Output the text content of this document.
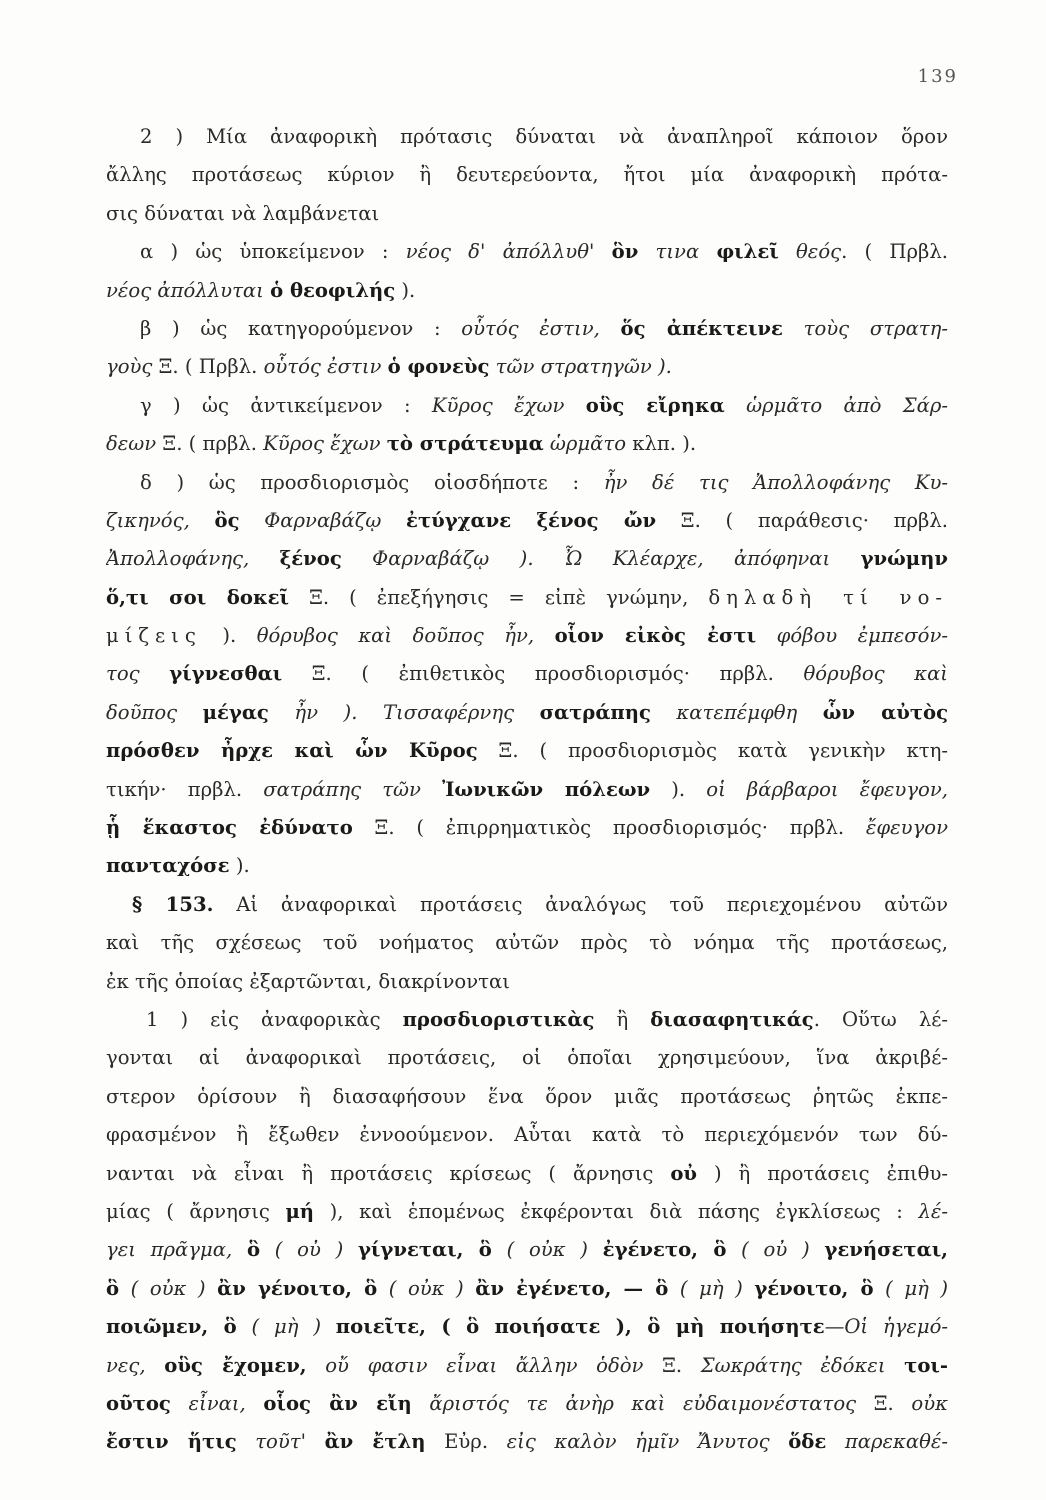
139
2 ) Μία ἀναφορικὴ πρότασις δύναται νὰ ἀναπληροῖ κάποιον ὅρον
ἄλλης προτάσεως κύριον ἢ δευτερεύοντα, ἤτοι μία ἀναφορικὴ πρότα-
σις δύναται νὰ λαμβάνεται
α ) ὡς ὑποκείμενον : νέος δ' ἀπόλλυθ' ὃν τινα φιλεῖ θεός. ( Πρβλ.
νέος ἀπόλλυται ὁ θεοφιλής ).
β ) ὡς κατηγορούμενον : οὗτός ἐστιν, ὅς ἀπέκτεινε τοὺς στρατη-
γοὺς Ξ. ( Πρβλ. οὗτός ἐστιν ὁ φονεὺς τῶν στρατηγῶν ).
γ ) ὡς ἀντικείμενον : Κῦρος ἔχων οὓς εἴρηκα ὡρμᾶτο ἀπὸ Σάρ-
δεων Ξ. ( πρβλ. Κῦρος ἔχων τὸ στράτευμα ὡρμᾶτο κλπ. ).
δ ) ὡς προσδιορισμὸς οἱοσδήποτε : ἦν δέ τις Ἀπολλοφάνης Κυ-
ζικηνός, ὃς Φαρναβάζῳ ἐτύγχανε ξένος ὤν Ξ. ( παράθεσις· πρβλ.
Ἀπολλοφάνης, ξένος Φαρναβάζῳ ). Ὦ Κλέαρχε, ἀπόφηναι γνώμην
ὅ,τι σοι δοκεῖ Ξ. ( ἐπεξήγησις = εἰπὲ γνώμην, δηλαδὴ τί νο-
μίζεις ). θόρυβος καὶ δοῦπος ἦν, οἷον εἰκὸς ἐστι φόβου ἐμπεσόν-
τος γίγνεσθαι Ξ. ( ἐπιθετικὸς προσδιορισμός· πρβλ. θόρυβος καὶ
δοῦπος μέγας ἦν ). Τισσαφέρνης σατράπης κατεπέμφθη ὧν αὐτὸς
πρόσθεν ἦρχε καὶ ὧν Κῦρος Ξ. ( προσδιορισμὸς κατὰ γενικὴν κτη-
τικήν· πρβλ. σατράπης τῶν Ἰωνικῶν πόλεων ). οἱ βάρβαροι ἔφευγον,
ᾗ ἕκαστος ἐδύνατο Ξ. ( ἐπιρρηματικὸς προσδιορισμός· πρβλ. ἔφευγον
πανταχόσε ).
§ 153. Αἱ ἀναφορικαὶ προτάσεις ἀναλόγως τοῦ περιεχομένου αὐτῶν
καὶ τῆς σχέσεως τοῦ νοήματος αὐτῶν πρὸς τὸ νόημα τῆς προτάσεως,
ἐκ τῆς ὁποίας ἐξαρτῶνται, διακρίνονται
1 ) εἰς ἀναφορικὰς προσδιοριστικὰς ἢ διασαφητικάς. Οὕτω λέ-
γονται αἱ ἀναφορικαὶ προτάσεις, οἱ ὁποῖαι χρησιμεύουν, ἵνα ἀκριβέ-
στερον ὁρίσουν ἢ διασαφήσουν ἕνα ὅρον μιᾶς προτάσεως ῥητῶς ἐκπε-
φρασμένον ἢ ἔξωθεν ἐννοούμενον. Αὗται κατὰ τὸ περιεχόμενόν των δύ-
νανται νὰ εἶναι ἢ προτάσεις κρίσεως ( ἄρνησις οὐ ) ἢ προτάσεις ἐπιθυ-
μίας ( ἄρνησις μή ), καὶ ἑπομένως ἐκφέρονται διὰ πάσης ἐγκλίσεως : λέ-
γει πρᾶγμα, ὃ ( οὐ ) γίγνεται, ὃ ( οὐκ ) ἐγένετο, ὃ ( οὐ ) γενήσεται,
ὃ ( οὐκ ) ἂν γένοιτο, ὃ ( οὐκ ) ἂν ἐγένετο, — ὃ ( μὴ ) γένοιτο, ὃ ( μὴ )
ποιῶμεν, ὃ ( μὴ ) ποιεῖτε, ( ὃ ποιήσατε ), ὃ μὴ ποιήσητε—Οἱ ἡγεμό-
νες, οὓς ἔχομεν, οὔ φασιν εἶναι ἄλλην ὁδὸν Ξ. Σωκράτης ἐδόκει τοι-
οῦτος εἶναι, οἷος ἂν εἴη ἄριστός τε ἀνὴρ καὶ εὐδαιμονέστατος Ξ. οὐκ
ἔστιν ἥτις τοῦτ' ἂν ἔτλη Εὐρ. εἰς καλὸν ἡμῖν Ἄνυτος ὅδε παρεκαθέ-
